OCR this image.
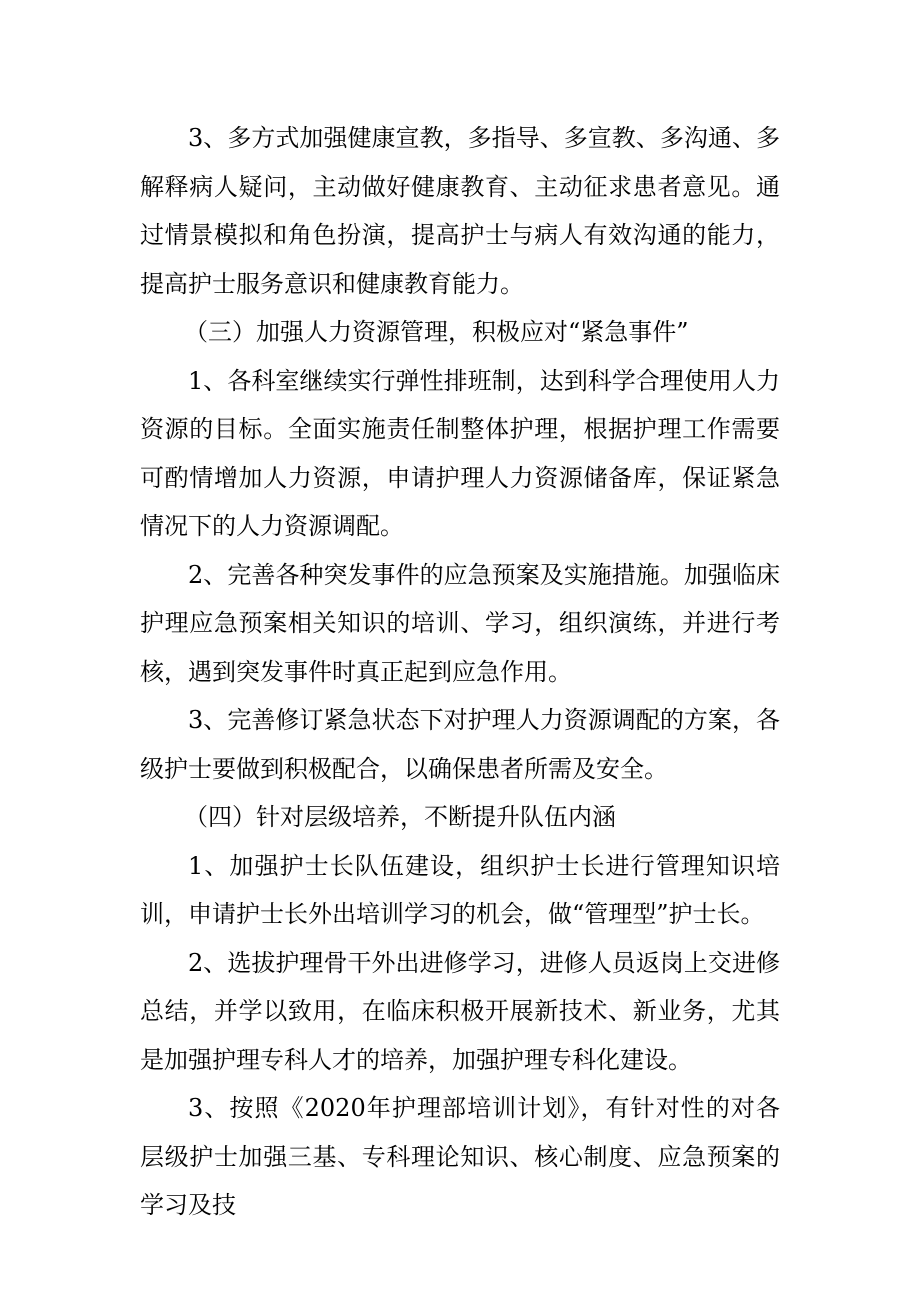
3、多方式加强健康宣教，多指导、多宣教、多沟通、多解释病人疑问，主动做好健康教育、主动征求患者意见。通过情景模拟和角色扮演，提高护士与病人有效沟通的能力，提高护士服务意识和健康教育能力。

（三）加强人力资源管理，积极应对“紧急事件”

1、各科室继续实行弹性排班制，达到科学合理使用人力资源的目标。全面实施责任制整体护理，根据护理工作需要可酌情增加人力资源，申请护理人力资源储备库，保证紧急情况下的人力资源调配。

2、完善各种突发事件的应急预案及实施措施。加强临床护理应急预案相关知识的培训、学习，组织演练，并进行考核，遇到突发事件时真正起到应急作用。

3、完善修订紧急状态下对护理人力资源调配的方案，各级护士要做到积极配合，以确保患者所需及安全。

（四）针对层级培养，不断提升队伍内涵

1、加强护士长队伍建设，组织护士长进行管理知识培训，申请护士长外出培训学习的机会，做“管理型”护士长。

2、选拔护理骨干外出进修学习，进修人员返岗上交进修总结，并学以致用，在临床积极开展新技术、新业务，尤其是加强护理专科人才的培养，加强护理专科化建设。

3、按照《2020年护理部培训计划》，有针对性的对各层级护士加强三基、专科理论知识、核心制度、应急预案的学习及技
